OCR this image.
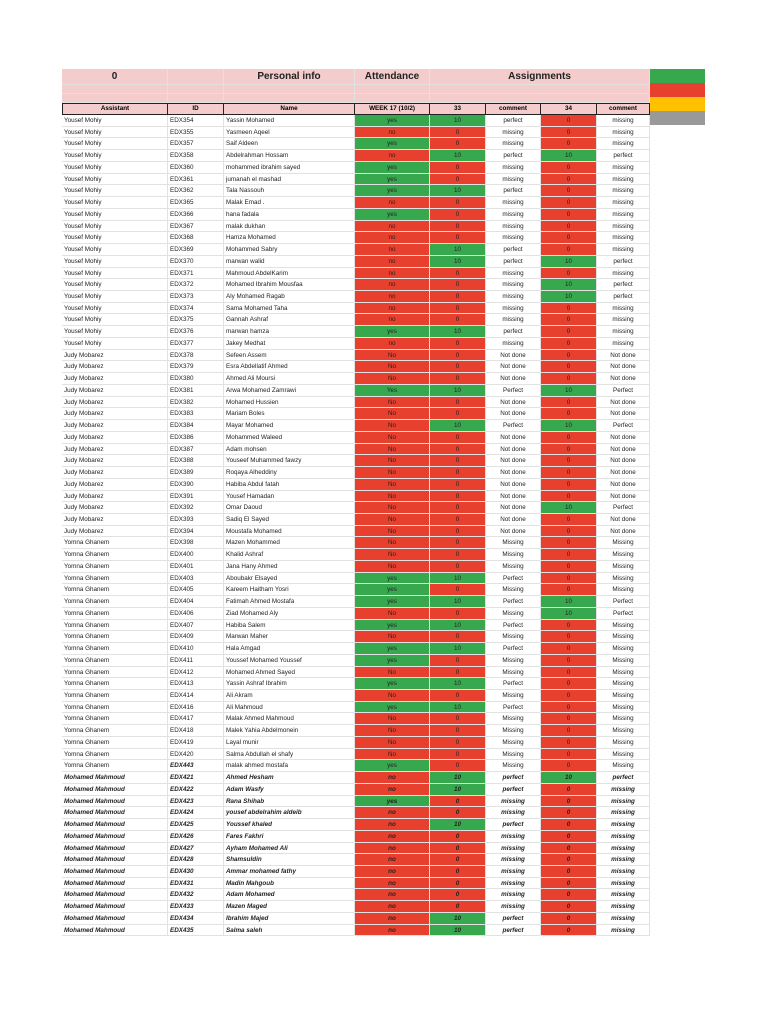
0	Personal info	Attendance	Assignments
Assistant	ID	Name	WEEK 17 (10/2)	33	comment	34	comment
Yousef Mohiy	EDX354	Yassin Mohamed	yes	10	perfect	0	missing
Yousef Mohiy	EDX355	Yasmeen Aqeel	no	0	missing	0	missing
Yousef Mohiy	EDX357	Saif Aldeen	yes	0	missing	0	missing
Yousef Mohiy	EDX358	Abdelrahman Hossam	no	10	perfect	10	perfect
Yousef Mohiy	EDX360	mohammed ibrahim sayed	yes	0	missing	0	missing
Yousef Mohiy	EDX361	jumanah el mashad	yes	0	missing	0	missing
Yousef Mohiy	EDX362	Tala Nassouh	yes	10	perfect	0	missing
Yousef Mohiy	EDX365	Malak Emad .	no	0	missing	0	missing
Yousef Mohiy	EDX366	hana fadala	yes	0	missing	0	missing
Yousef Mohiy	EDX367	malak dukhan	no	0	missing	0	missing
Yousef Mohiy	EDX368	Hamza Mohamed	no	0	missing	0	missing
Yousef Mohiy	EDX369	Mohammed Sabry	no	10	perfect	0	missing
Yousef Mohiy	EDX370	marwan walid	no	10	perfect	10	perfect
Yousef Mohiy	EDX371	Mahmoud AbdelKarim	no	0	missing	0	missing
Yousef Mohiy	EDX372	Mohamed Ibrahim Mousfaa	no	0	missing	10	perfect
Yousef Mohiy	EDX373	Aly Mohamed Ragab	no	0	missing	10	perfect
Yousef Mohiy	EDX374	Sama Mohamed Taha	no	0	missing	0	missing
Yousef Mohiy	EDX375	Gannah Ashraf	no	0	missing	0	missing
Yousef Mohiy	EDX376	marwan hamza	yes	10	perfect	0	missing
Yousef Mohiy	EDX377	Jakey Medhat	no	0	missing	0	missing
Judy Mobarez	EDX378	Sefeen Assem	No	0	Not done	0	Not done
Judy Mobarez	EDX379	Esra Abdellatif Ahmed	No	0	Not done	0	Not done
Judy Mobarez	EDX380	Ahmed Ali Moursi	No	0	Not done	0	Not done
Judy Mobarez	EDX381	Arwa Mohamed Zamrawi	Yes	10	Perfect	10	Perfect
Judy Mobarez	EDX382	Mohamed Hussien	No	0	Not done	0	Not done
Judy Mobarez	EDX383	Mariam Boles	No	0	Not done	0	Not done
Judy Mobarez	EDX384	Mayar Mohamed	No	10	Perfect	10	Perfect
Judy Mobarez	EDX386	Mohammed Waleed	No	0	Not done	0	Not done
Judy Mobarez	EDX387	Adam mohsen	No	0	Not done	0	Not done
Judy Mobarez	EDX388	Youseef Muhammed fawzy	No	0	Not done	0	Not done
Judy Mobarez	EDX389	Roqaya Alheddiny	No	0	Not done	0	Not done
Judy Mobarez	EDX390	Habiba Abdul fatah	No	0	Not done	0	Not done
Judy Mobarez	EDX391	Yousef Hamadan	No	0	Not done	0	Not done
Judy Mobarez	EDX392	Omar Daoud	No	0	Not done	10	Perfect
Judy Mobarez	EDX393	Sadiq El Sayed	No	0	Not done	0	Not done
Judy Mobarez	EDX394	Moustafa Mohamed	No	0	Not done	0	Not done
Yomna Ghanem	EDX398	Mazen Mohammed	No	0	Missing	0	Missing
Yomna Ghanem	EDX400	Khalid Ashraf	No	0	Missing	0	Missing
Yomna Ghanem	EDX401	Jana Hany Ahmed	No	0	Missing	0	Missing
Yomna Ghanem	EDX403	Aboubakr Elsayed	yes	10	Perfect	0	Missing
Yomna Ghanem	EDX405	Kareem Haitham Yosri	yes	0	Missing	0	Missing
Yomna Ghanem	EDX404	Fatimah Ahmed Mostafa	yes	10	Perfect	10	Perfect
Yomna Ghanem	EDX406	Ziad Mohamed Aly	No	0	Missing	10	Perfect
Yomna Ghanem	EDX407	Habiba Salem	yes	10	Perfect	0	Missing
Yomna Ghanem	EDX409	Marwan Maher	No	0	Missing	0	Missing
Yomna Ghanem	EDX410	Hala Amgad	yes	10	Perfect	0	Missing
Yomna Ghanem	EDX411	Youssef Mohamed Youssef	yes	0	Missing	0	Missing
Yomna Ghanem	EDX412	Mohamed Ahmed Sayed	No	0	Missing	0	Missing
Yomna Ghanem	EDX413	Yassin Ashraf Ibrahim	yes	10	Perfect	0	Missing
Yomna Ghanem	EDX414	Ali Akram	No	0	Missing	0	Missing
Yomna Ghanem	EDX416	Ali Mahmoud	yes	10	Perfect	0	Missing
Yomna Ghanem	EDX417	Malak Ahmed Mahmoud	No	0	Missing	0	Missing
Yomna Ghanem	EDX418	Malek Yahia Abdelmonein	No	0	Missing	0	Missing
Yomna Ghanem	EDX419	Layal munir	No	0	Missing	0	Missing
Yomna Ghanem	EDX420	Salma Abdullah el shafy	No	0	Missing	0	Missing
Yomna Ghanem	EDX443	malak ahmed mostafa	yes	0	Missing	0	Missing
Mohamed Mahmoud	EDX421	Ahmed Hesham	no	10	perfect	10	perfect
Mohamed Mahmoud	EDX422	Adam Wasfy	no	10	perfect	0	missing
Mohamed Mahmoud	EDX423	Rana Shihab	yes	0	missing	0	missing
Mohamed Mahmoud	EDX424	yousef abdelrahim aldeib	no	0	missing	0	missing
Mohamed Mahmoud	EDX425	Youssef khaled	no	10	perfect	0	missing
Mohamed Mahmoud	EDX426	Fares Fakhri	no	0	missing	0	missing
Mohamed Mahmoud	EDX427	Ayham Mohamed Ali	no	0	missing	0	missing
Mohamed Mahmoud	EDX428	Shamsuldin	no	0	missing	0	missing
Mohamed Mahmoud	EDX430	Ammar mohamed fathy	no	0	missing	0	missing
Mohamed Mahmoud	EDX431	Madin Mahgoub	no	0	missing	0	missing
Mohamed Mahmoud	EDX432	Adam Mohamed	no	0	missing	0	missing
Mohamed Mahmoud	EDX433	Mazen Maged	no	0	missing	0	missing
Mohamed Mahmoud	EDX434	Ibrahim Majed	no	10	perfect	0	missing
Mohamed Mahmoud	EDX435	Salma saleh	no	10	perfect	0	missing
